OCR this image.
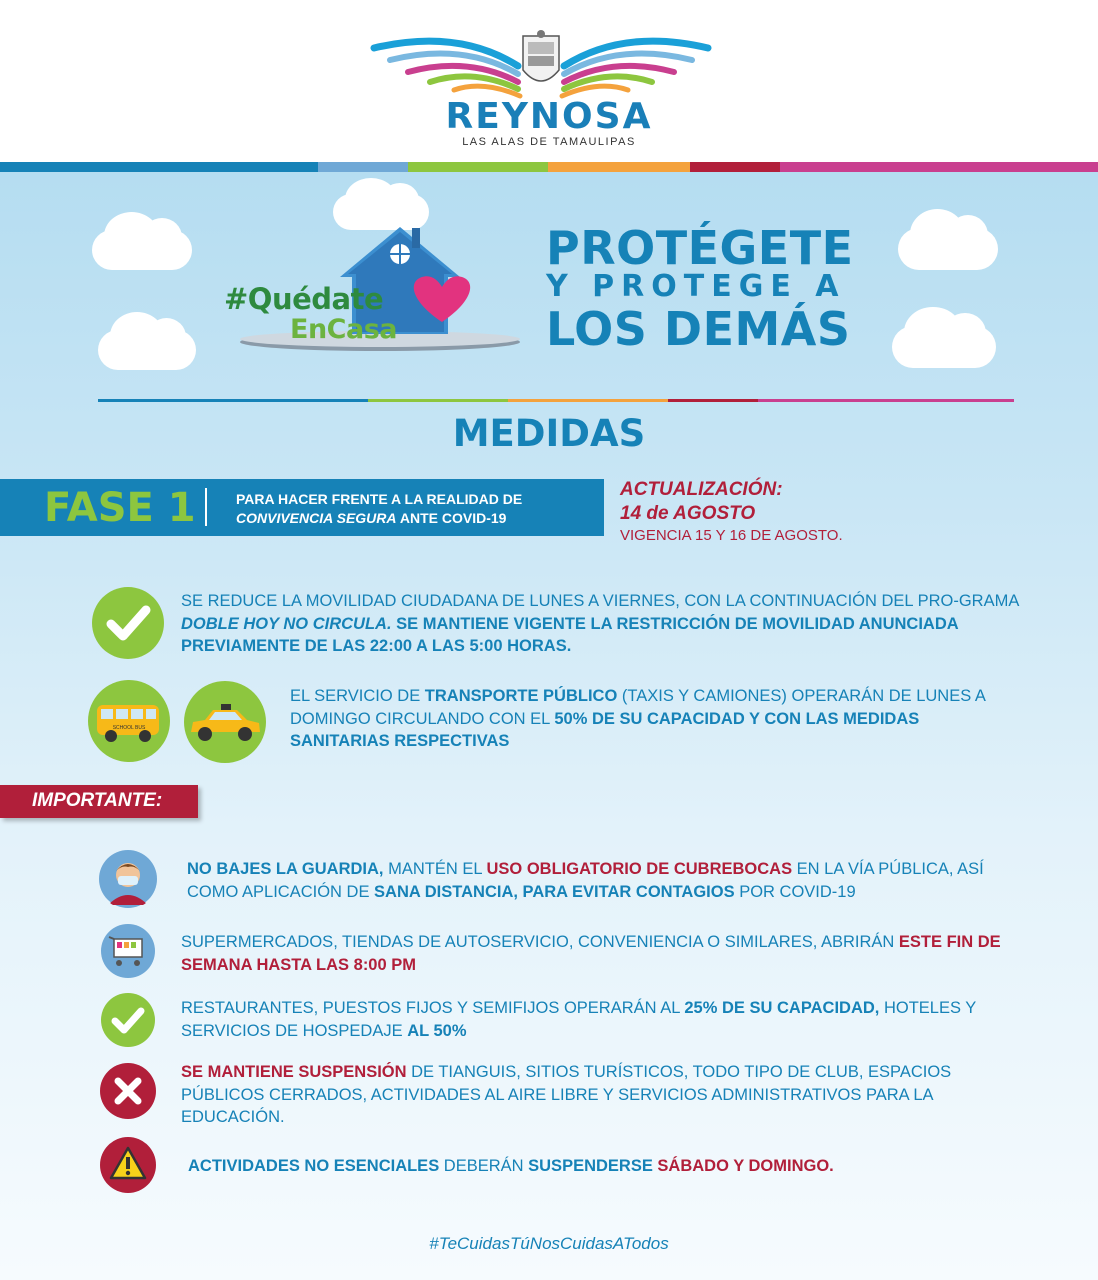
REYNOSA
LAS ALAS DE TAMAULIPAS
#Quédate
EnCasa
PROTÉGETE
Y PROTEGE A
LOS DEMÁS
MEDIDAS
FASE 1	PARA HACER FRENTE A LA REALIDAD DE
CONVIVENCIA SEGURA ANTE COVID-19
ACTUALIZACIÓN:
14 de AGOSTO
VIGENCIA 15 Y 16 DE AGOSTO.
SE REDUCE LA MOVILIDAD CIUDADANA DE LUNES A VIERNES, CON LA CONTINUACIÓN DEL PRO-GRAMA DOBLE HOY NO CIRCULA. SE MANTIENE VIGENTE LA RESTRICCIÓN DE MOVILIDAD ANUNCIADA PREVIAMENTE DE LAS 22:00 A LAS 5:00 HORAS.
SCHOOL BUS
EL SERVICIO DE TRANSPORTE PÚBLICO (TAXIS Y CAMIONES) OPERARÁN DE LUNES A DOMINGO CIRCULANDO CON EL 50% DE SU CAPACIDAD Y CON LAS MEDIDAS SANITARIAS RESPECTIVAS
IMPORTANTE:
NO BAJES LA GUARDIA, MANTÉN EL USO OBLIGATORIO DE CUBREBOCAS EN LA VÍA PÚBLICA, ASÍ COMO APLICACIÓN DE SANA DISTANCIA, PARA EVITAR CONTAGIOS POR COVID-19
SUPERMERCADOS, TIENDAS DE AUTOSERVICIO, CONVENIENCIA O SIMILARES, ABRIRÁN ESTE FIN DE SEMANA HASTA LAS 8:00 PM
RESTAURANTES, PUESTOS FIJOS Y SEMIFIJOS OPERARÁN AL 25% DE SU CAPACIDAD, HOTELES Y SERVICIOS DE HOSPEDAJE AL 50%
SE MANTIENE SUSPENSIÓN DE TIANGUIS, SITIOS TURÍSTICOS, TODO TIPO DE CLUB, ESPACIOS PÚBLICOS CERRADOS, ACTIVIDADES AL AIRE LIBRE Y SERVICIOS ADMINISTRATIVOS PARA LA EDUCACIÓN.
ACTIVIDADES NO ESENCIALES DEBERÁN SUSPENDERSE SÁBADO Y DOMINGO.
#TeCuidasTúNosCuidasATodos
